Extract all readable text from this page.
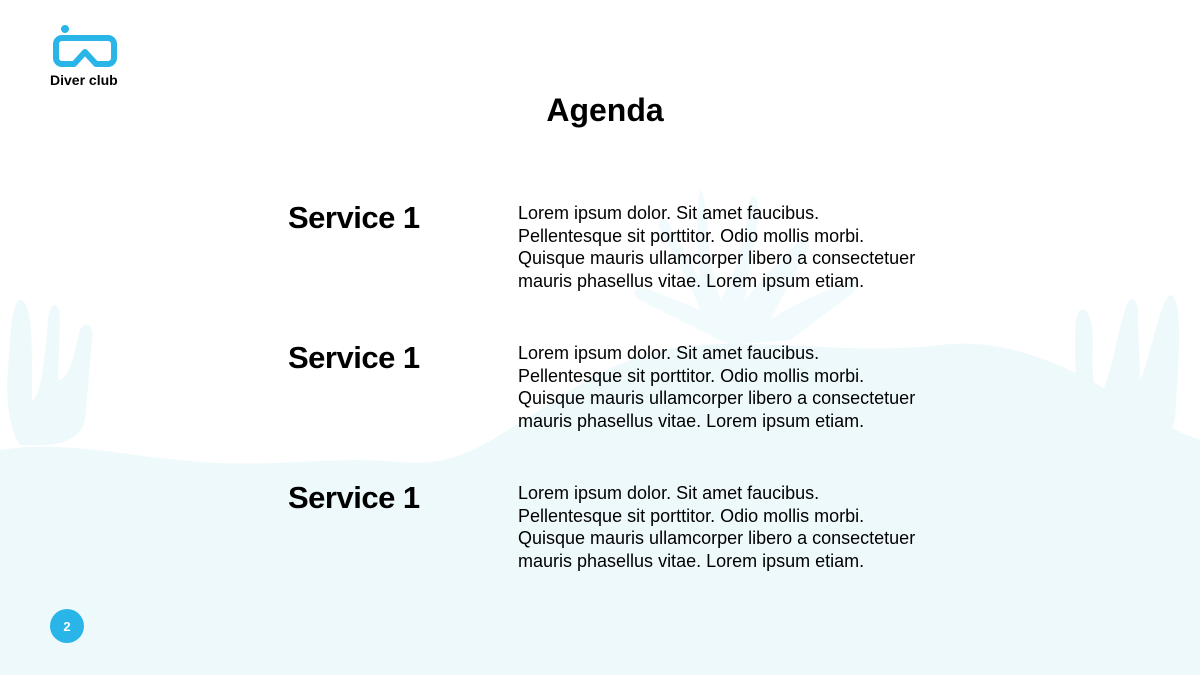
Diver club
Agenda
Service 1	Lorem ipsum dolor. Sit amet faucibus.
Pellentesque sit porttitor. Odio mollis morbi.
Quisque mauris ullamcorper libero a consectetuer
mauris phasellus vitae. Lorem ipsum etiam.
Service 1	Lorem ipsum dolor. Sit amet faucibus.
Pellentesque sit porttitor. Odio mollis morbi.
Quisque mauris ullamcorper libero a consectetuer
mauris phasellus vitae. Lorem ipsum etiam.
Service 1	Lorem ipsum dolor. Sit amet faucibus.
Pellentesque sit porttitor. Odio mollis morbi.
Quisque mauris ullamcorper libero a consectetuer
mauris phasellus vitae. Lorem ipsum etiam.
2
